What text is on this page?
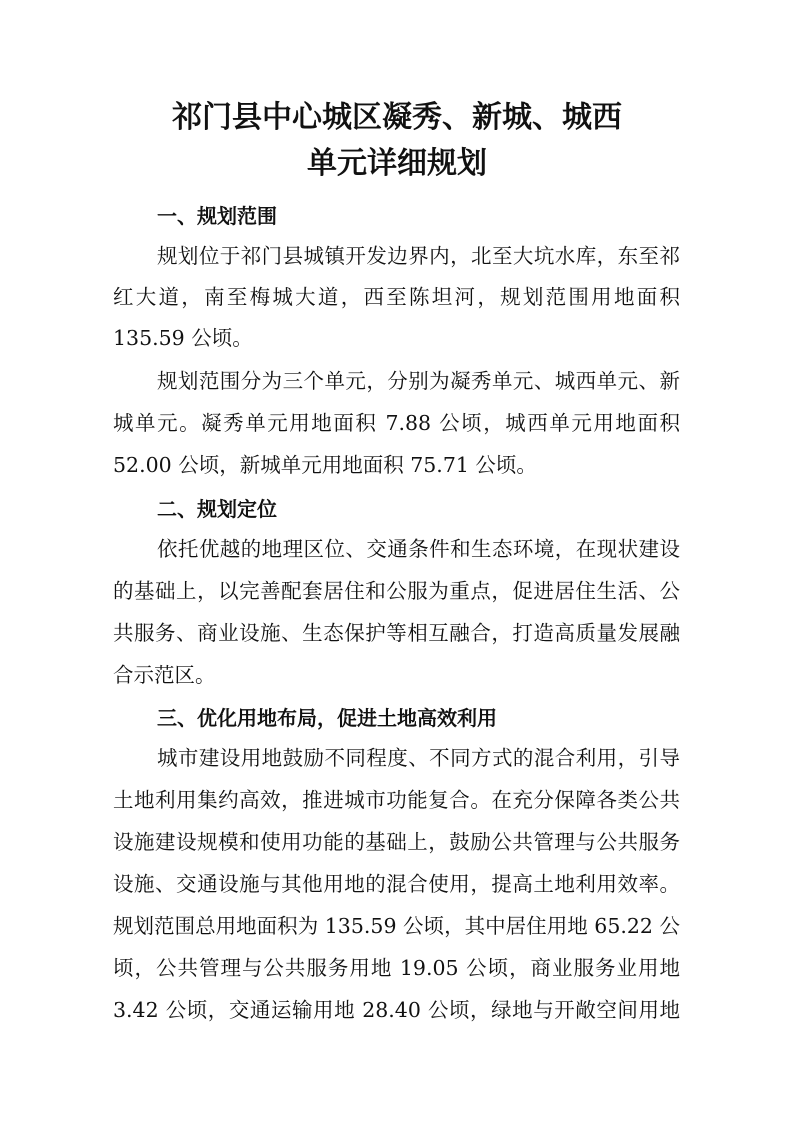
祁门县中心城区凝秀、新城、城西
单元详细规划
一、规划范围
规划位于祁门县城镇开发边界内，北至大坑水库，东至祁
红大道，南至梅城大道，西至陈坦河，规划范围用地面积
135.59 公顷。
规划范围分为三个单元，分别为凝秀单元、城西单元、新
城单元。凝秀单元用地面积 7.88 公顷，城西单元用地面积
52.00 公顷，新城单元用地面积 75.71 公顷。
二、规划定位
依托优越的地理区位、交通条件和生态环境，在现状建设
的基础上，以完善配套居住和公服为重点，促进居住生活、公
共服务、商业设施、生态保护等相互融合，打造高质量发展融
合示范区。
三、优化用地布局，促进土地高效利用
城市建设用地鼓励不同程度、不同方式的混合利用，引导
土地利用集约高效，推进城市功能复合。在充分保障各类公共
设施建设规模和使用功能的基础上，鼓励公共管理与公共服务
设施、交通设施与其他用地的混合使用，提高土地利用效率。
规划范围总用地面积为 135.59 公顷，其中居住用地 65.22 公
顷，公共管理与公共服务用地 19.05 公顷，商业服务业用地
3.42 公顷，交通运输用地 28.40 公顷，绿地与开敞空间用地
